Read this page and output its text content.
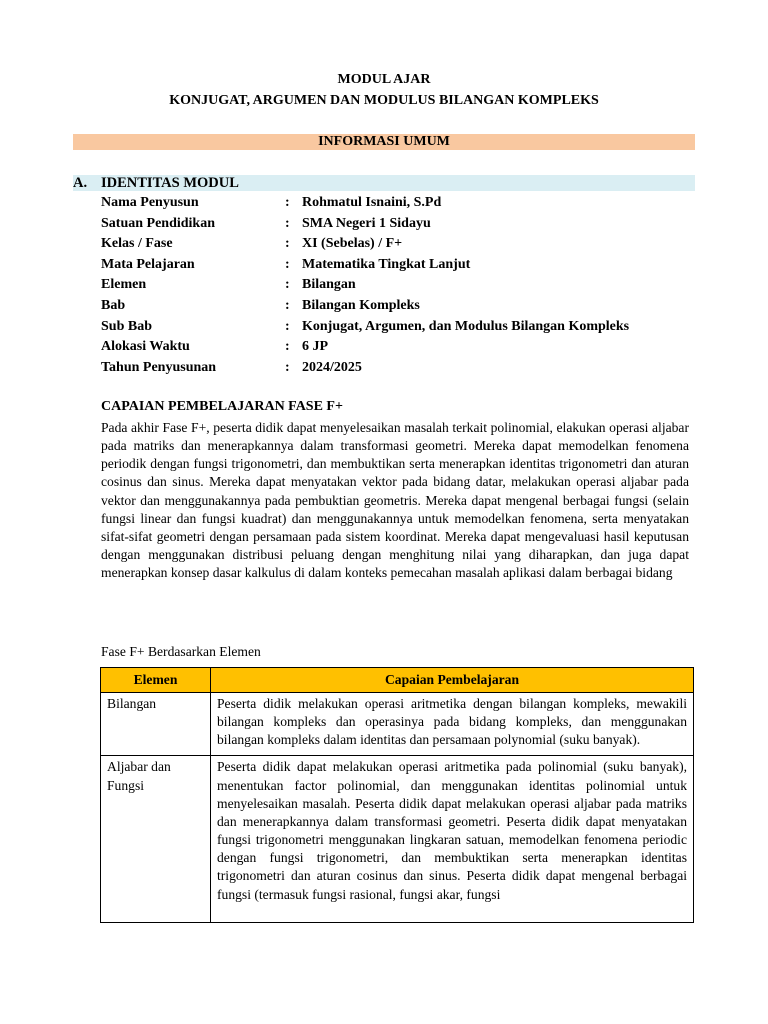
MODUL AJAR
KONJUGAT, ARGUMEN DAN MODULUS BILANGAN KOMPLEKS
INFORMASI UMUM
A. IDENTITAS MODUL
Nama Penyusun	: Rohmatul Isnaini, S.Pd
Satuan Pendidikan	: SMA Negeri 1 Sidayu
Kelas / Fase	: XI (Sebelas) / F+
Mata Pelajaran	: Matematika Tingkat Lanjut
Elemen	: Bilangan
Bab	: Bilangan Kompleks
Sub Bab	: Konjugat, Argumen, dan Modulus Bilangan Kompleks
Alokasi Waktu	: 6 JP
Tahun Penyusunan	: 2024/2025
CAPAIAN PEMBELAJARAN FASE F+
Pada akhir Fase F+, peserta didik dapat menyelesaikan masalah terkait polinomial, elakukan operasi aljabar pada matriks dan menerapkannya dalam transformasi geometri. Mereka dapat memodelkan fenomena periodik dengan fungsi trigonometri, dan membuktikan serta menerapkan identitas trigonometri dan aturan cosinus dan sinus. Mereka dapat menyatakan vektor pada bidang datar, melakukan operasi aljabar pada vektor dan menggunakannya pada pembuktian geometris. Mereka dapat mengenal berbagai fungsi (selain fungsi linear dan fungsi kuadrat) dan menggunakannya untuk memodelkan fenomena, serta menyatakan sifat-sifat geometri dengan persamaan pada sistem koordinat. Mereka dapat mengevaluasi hasil keputusan dengan menggunakan distribusi peluang dengan menghitung nilai yang diharapkan, dan juga dapat menerapkan konsep dasar kalkulus di dalam konteks pemecahan masalah aplikasi dalam berbagai bidang
Fase F+ Berdasarkan Elemen
Elemen	Capaian Pembelajaran
Bilangan	Peserta didik melakukan operasi aritmetika dengan bilangan kompleks, mewakili bilangan kompleks dan operasinya pada bidang kompleks, dan menggunakan bilangan kompleks dalam identitas dan persamaan polynomial (suku banyak).
Aljabar dan Fungsi	Peserta didik dapat melakukan operasi aritmetika pada polinomial (suku banyak), menentukan factor polinomial, dan menggunakan identitas polinomial untuk menyelesaikan masalah. Peserta didik dapat melakukan operasi aljabar pada matriks dan menerapkannya dalam transformasi geometri. Peserta didik dapat menyatakan fungsi trigonometri menggunakan lingkaran satuan, memodelkan fenomena periodic dengan fungsi trigonometri, dan membuktikan serta menerapkan identitas trigonometri dan aturan cosinus dan sinus. Peserta didik dapat mengenal berbagai fungsi (termasuk fungsi rasional, fungsi akar, fungsi
